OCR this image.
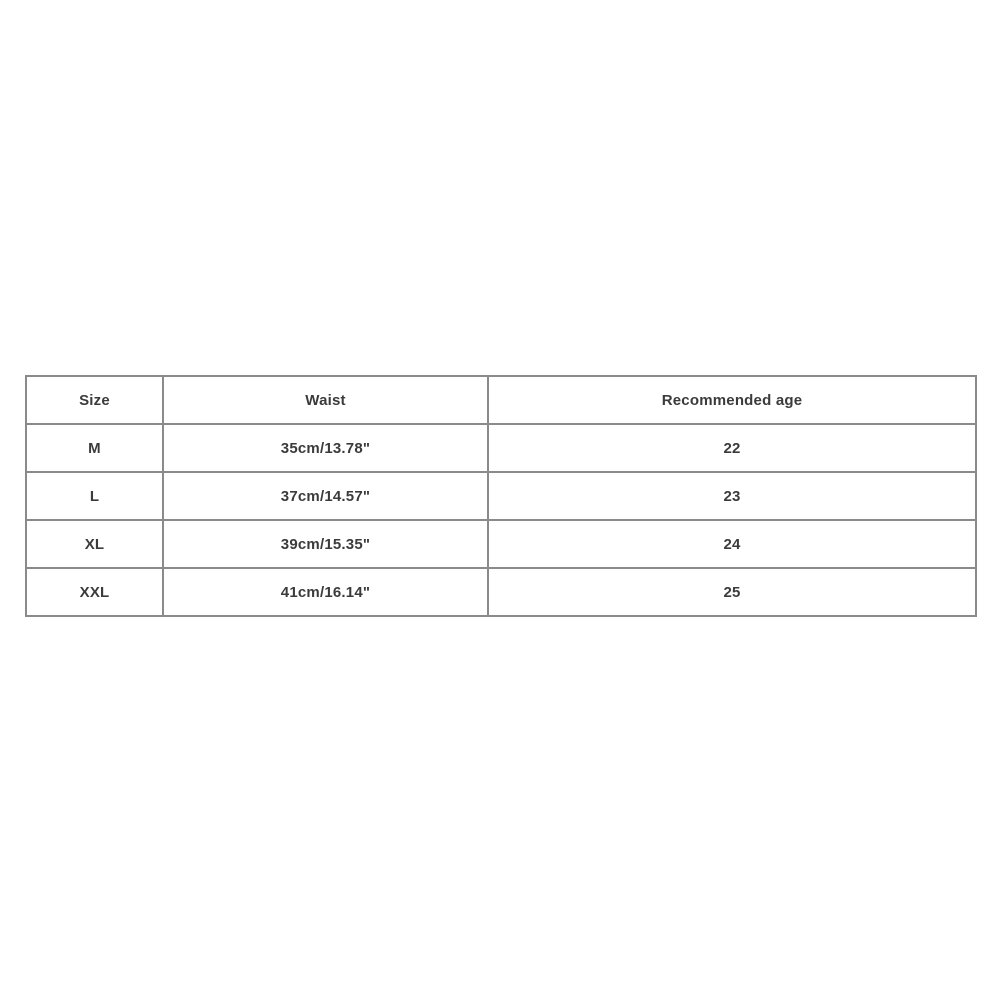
Size	Waist	Recommended age
M	35cm/13.78"	22
L	37cm/14.57"	23
XL	39cm/15.35"	24
XXL	41cm/16.14"	25
